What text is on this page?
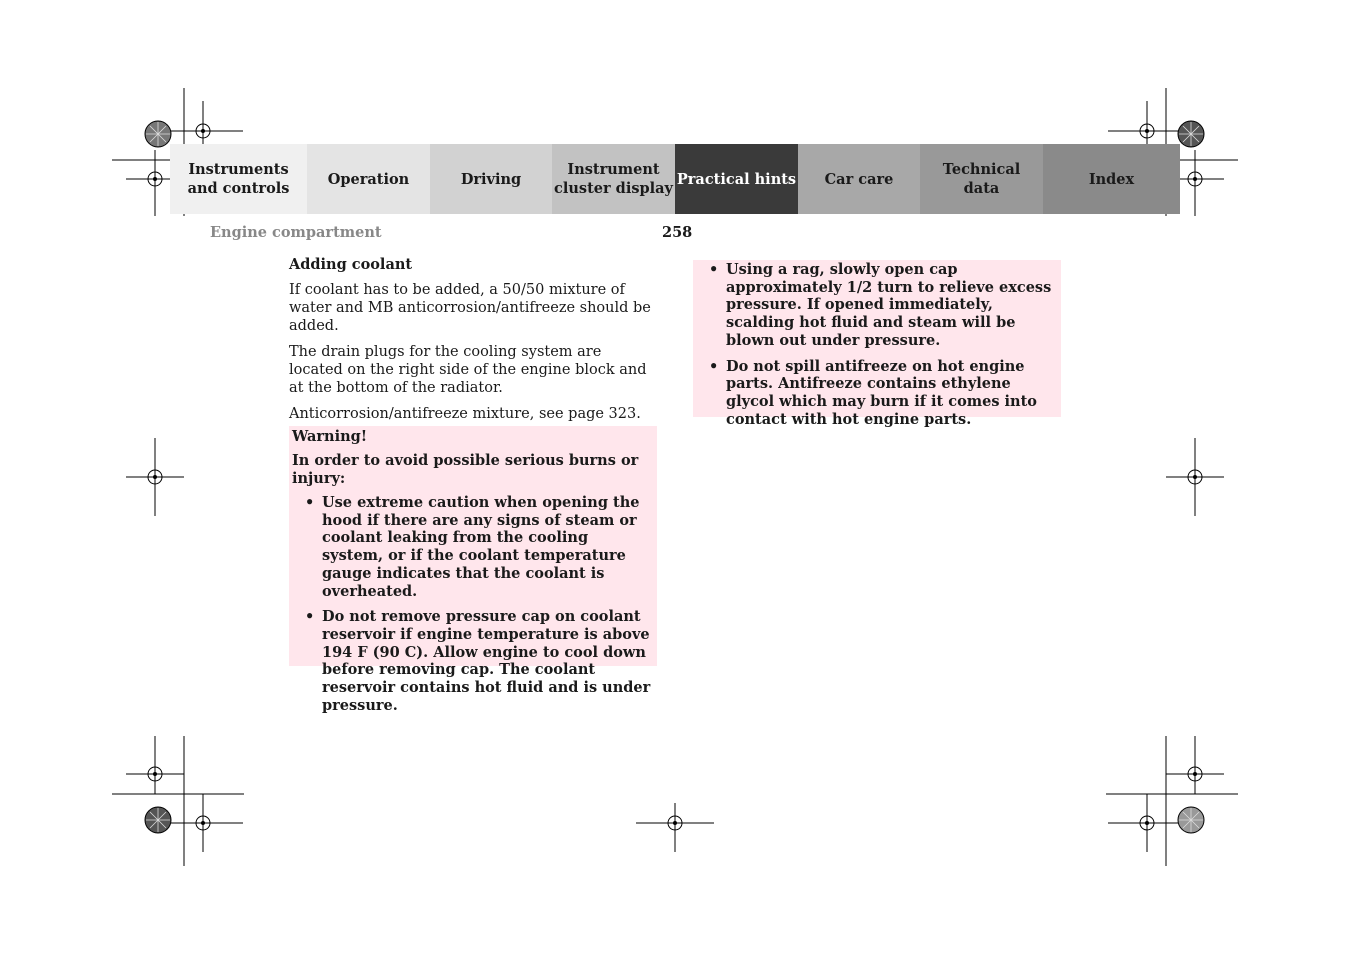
Instruments
and controls
Operation	Driving
Instrument
cluster display
Practical hints	Car care
Technical
data
Index
Engine compartment	258
Adding coolant

If coolant has to be added, a 50/50 mixture of water and MB anticorrosion/antifreeze should be added.

The drain plugs for the cooling system are located on the right side of the engine block and at the bottom of the radiator.

Anticorrosion/antifreeze mixture, see page 323.

Warning!
In order to avoid possible serious burns or injury:
• Use extreme caution when opening the hood if there are any signs of steam or coolant leaking from the cooling system, or if the coolant temperature gauge indicates that the coolant is overheated.
• Do not remove pressure cap on coolant reservoir if engine temperature is above 194 F (90 C). Allow engine to cool down before removing cap. The coolant reservoir contains hot fluid and is under pressure.
• Using a rag, slowly open cap approximately 1/2 turn to relieve excess pressure. If opened immediately, scalding hot fluid and steam will be blown out under pressure.
• Do not spill antifreeze on hot engine parts. Antifreeze contains ethylene glycol which may burn if it comes into contact with hot engine parts.
